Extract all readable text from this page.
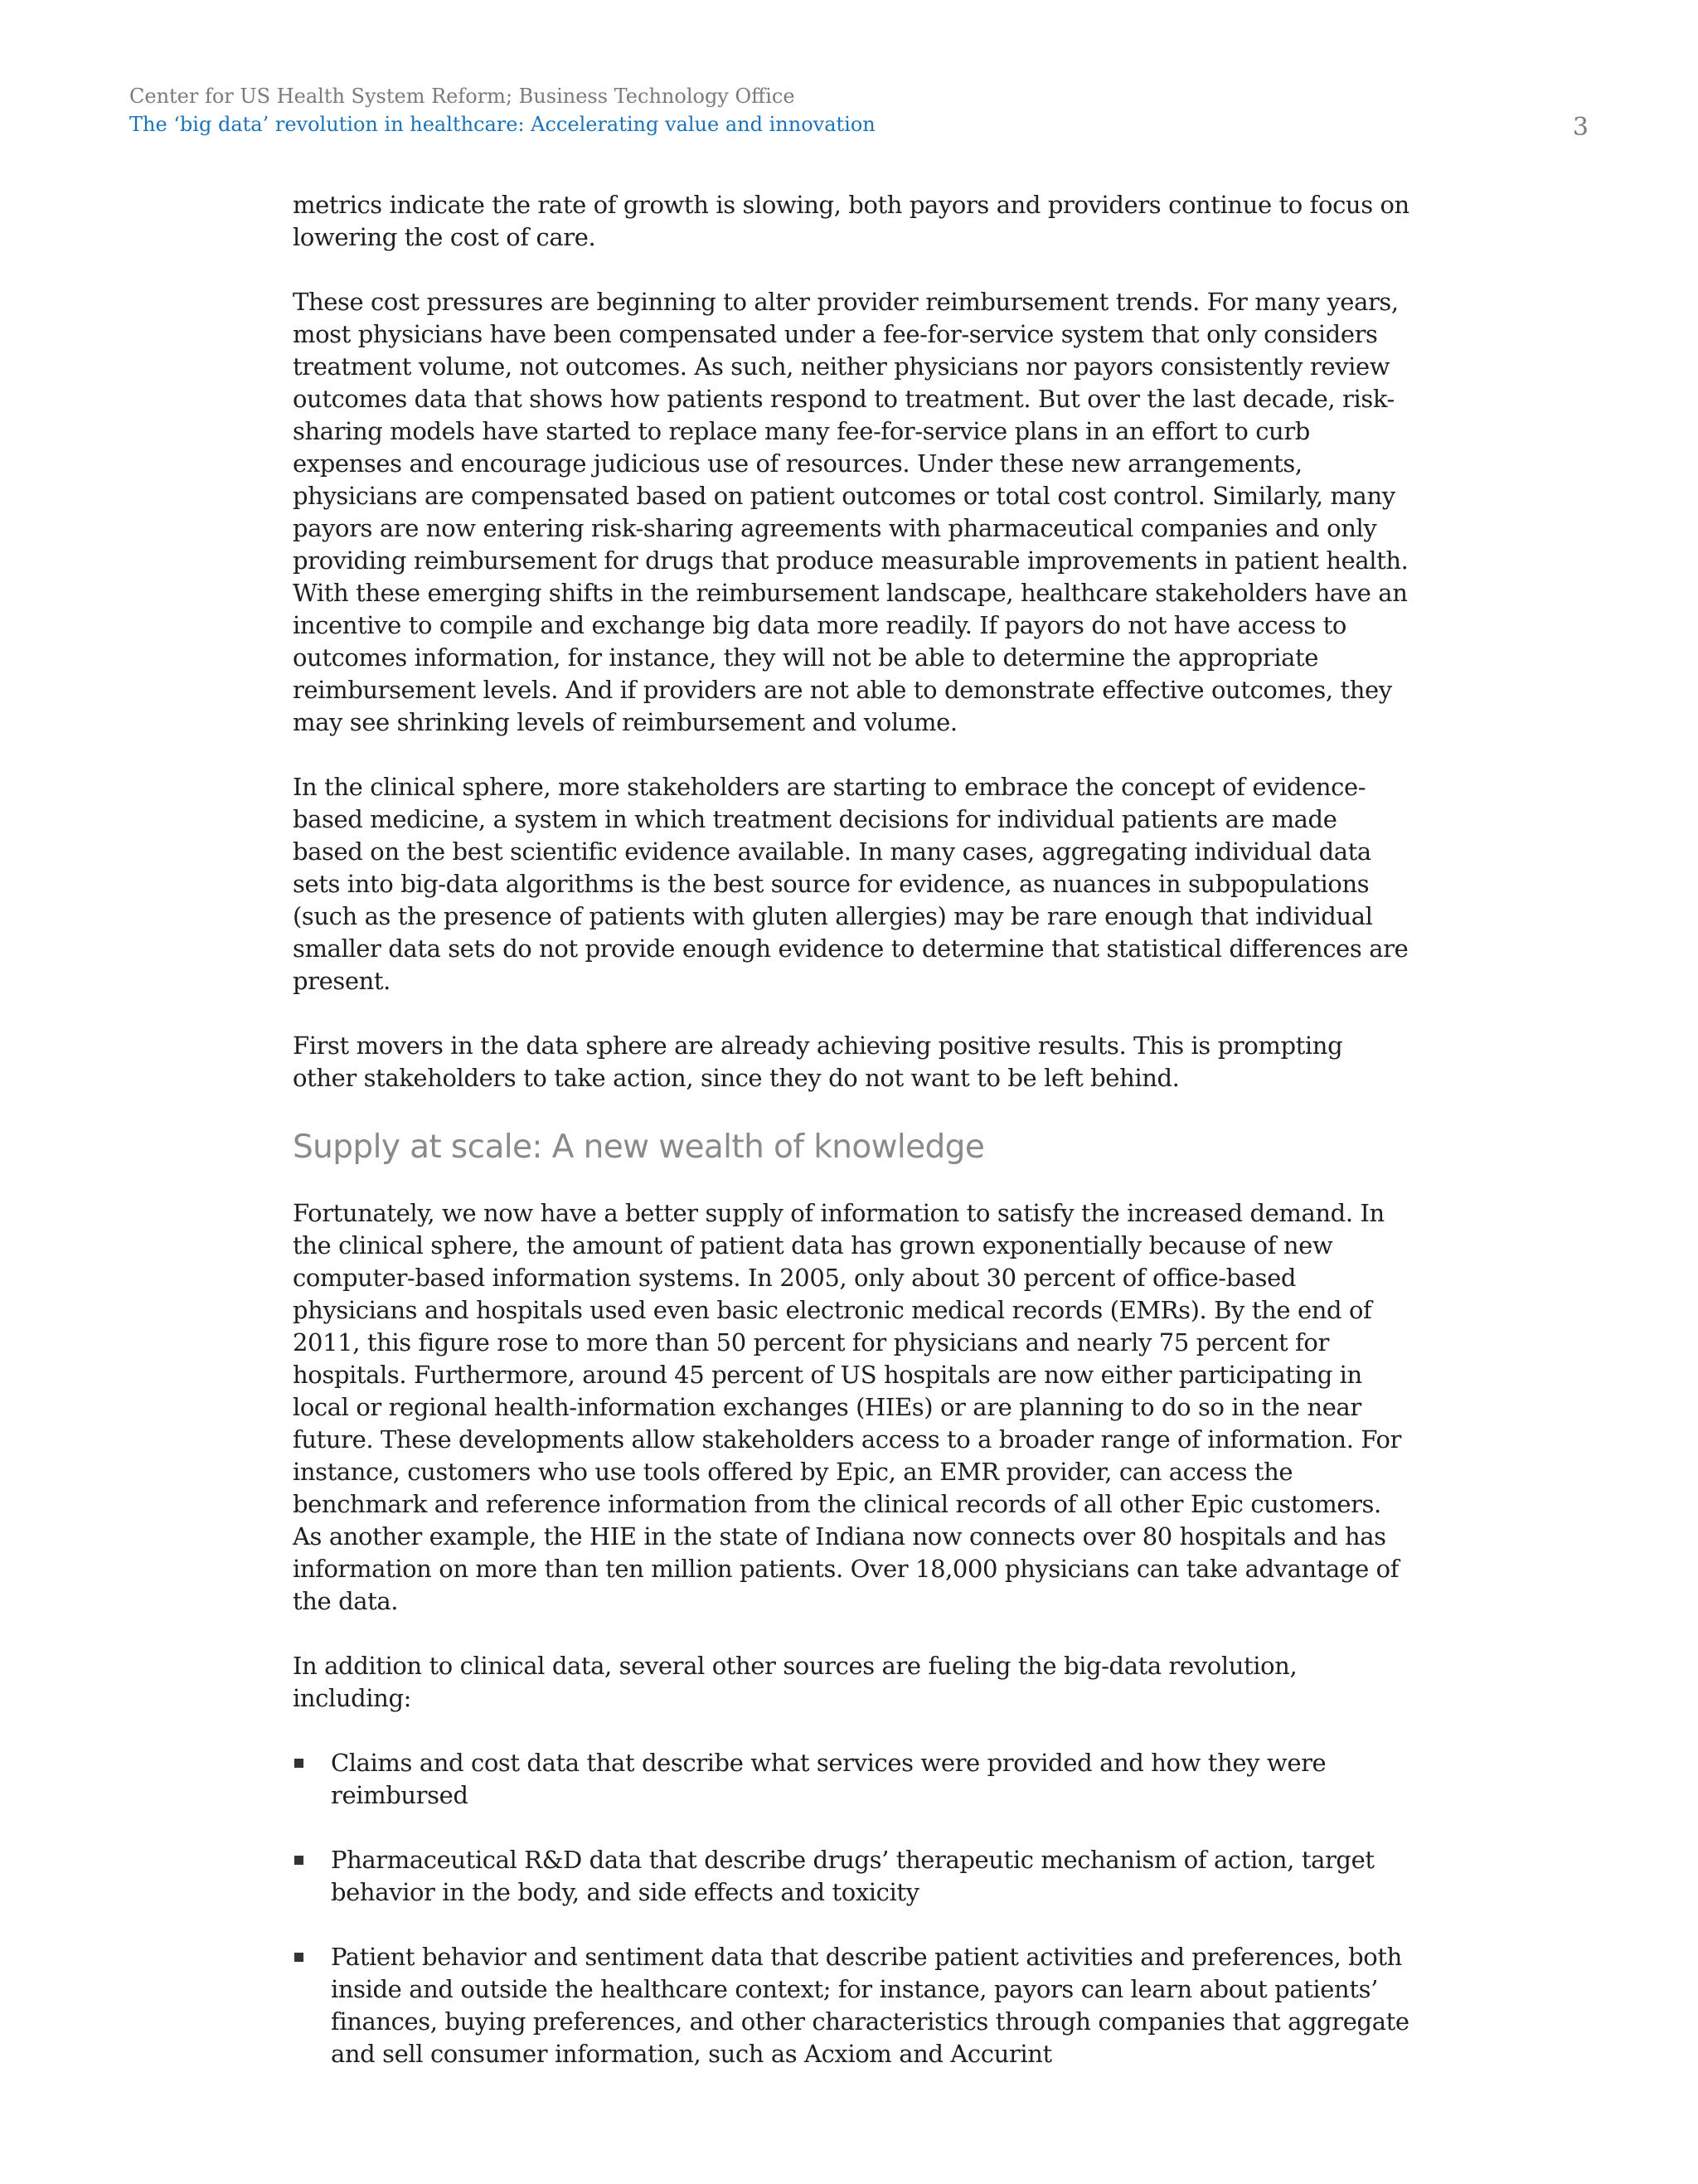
Center for US Health System Reform; Business Technology Office
The ‘big data’ revolution in healthcare: Accelerating value and innovation	3

metrics indicate the rate of growth is slowing, both payors and providers continue to focus on lowering the cost of care.

These cost pressures are beginning to alter provider reimbursement trends. For many years, most physicians have been compensated under a fee-for-service system that only considers treatment volume, not outcomes. As such, neither physicians nor payors consistently review outcomes data that shows how patients respond to treatment. But over the last decade, risk-sharing models have started to replace many fee-for-service plans in an effort to curb expenses and encourage judicious use of resources. Under these new arrangements, physicians are compensated based on patient outcomes or total cost control. Similarly, many payors are now entering risk-sharing agreements with pharmaceutical companies and only providing reimbursement for drugs that produce measurable improvements in patient health. With these emerging shifts in the reimbursement landscape, healthcare stakeholders have an incentive to compile and exchange big data more readily. If payors do not have access to outcomes information, for instance, they will not be able to determine the appropriate reimbursement levels. And if providers are not able to demonstrate effective outcomes, they may see shrinking levels of reimbursement and volume.

In the clinical sphere, more stakeholders are starting to embrace the concept of evidence-based medicine, a system in which treatment decisions for individual patients are made based on the best scientific evidence available. In many cases, aggregating individual data sets into big-data algorithms is the best source for evidence, as nuances in subpopulations (such as the presence of patients with gluten allergies) may be rare enough that individual smaller data sets do not provide enough evidence to determine that statistical differences are present.

First movers in the data sphere are already achieving positive results. This is prompting other stakeholders to take action, since they do not want to be left behind.

Supply at scale: A new wealth of knowledge

Fortunately, we now have a better supply of information to satisfy the increased demand. In the clinical sphere, the amount of patient data has grown exponentially because of new computer-based information systems. In 2005, only about 30 percent of office-based physicians and hospitals used even basic electronic medical records (EMRs). By the end of 2011, this figure rose to more than 50 percent for physicians and nearly 75 percent for hospitals. Furthermore, around 45 percent of US hospitals are now either participating in local or regional health-information exchanges (HIEs) or are planning to do so in the near future. These developments allow stakeholders access to a broader range of information. For instance, customers who use tools offered by Epic, an EMR provider, can access the benchmark and reference information from the clinical records of all other Epic customers. As another example, the HIE in the state of Indiana now connects over 80 hospitals and has information on more than ten million patients. Over 18,000 physicians can take advantage of the data.

In addition to clinical data, several other sources are fueling the big-data revolution, including:

Claims and cost data that describe what services were provided and how they were reimbursed
Pharmaceutical R&D data that describe drugs’ therapeutic mechanism of action, target behavior in the body, and side effects and toxicity
Patient behavior and sentiment data that describe patient activities and preferences, both inside and outside the healthcare context; for instance, payors can learn about patients’ finances, buying preferences, and other characteristics through companies that aggregate and sell consumer information, such as Acxiom and Accurint
